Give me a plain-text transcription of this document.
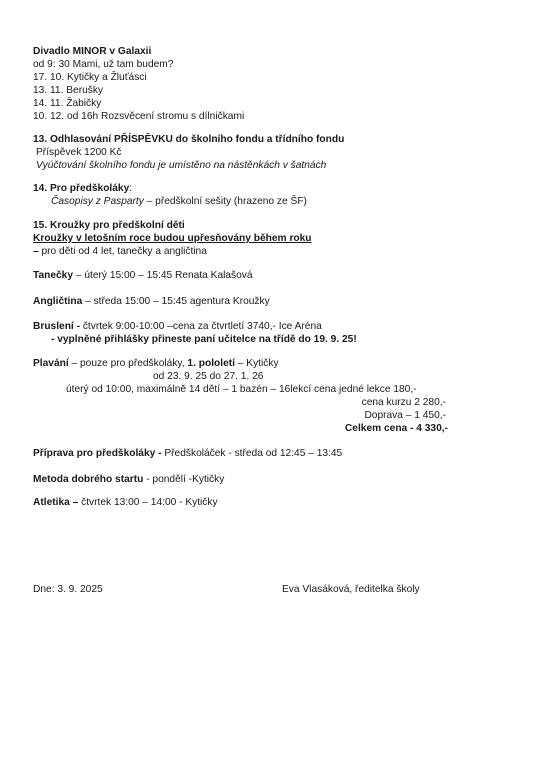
Divadlo MINOR v Galaxii
od 9: 30 Mami, už tam budem?
17. 10. Kytičky a Žluťásci
13. 11. Berušky
14. 11. Žabičky
10. 12. od 16h Rozsvěcení stromu s dílničkami
13. Odhlasování PŘÍSPĚVKU do školního fondu a třídního fondu
Příspěvek 1200 Kč
Vyúčtování školního fondu je umístěno na nástěnkách v šatnách
14. Pro předškoláky:
Časopisy z Pasparty – předškolní sešity (hrazeno ze ŠF)
15. Kroužky pro předškolní děti
Kroužky v letošním roce budou upřesňovány během roku
– pro děti od 4 let, tanečky a angličtina
Tanečky – úterý 15:00 – 15:45 Renata Kalašová
Angličtina – středa 15:00 – 15:45 agentura Kroužky
Bruslení - čtvrtek 9:00-10:00 –cena za čtvrtletí 3740,- Ice Aréna
- vyplněné přihlášky přineste paní učitelce na třídě do 19. 9. 25!
Plavání – pouze pro předškoláky, 1. pololetí – Kytičky
od 23. 9. 25 do 27. 1. 26
úterý od 10:00, maximálně 14 dětí – 1 bazén – 16lekcí cena jedné lekce 180,-
cena kurzu 2 280,-
Doprava – 1 450,-
Celkem cena - 4 330,-
Příprava pro předškoláky - Předškoláček - středa od 12:45 – 13:45
Metoda dobrého startu - pondělí -Kytičky
Atletika – čtvrtek 13:00 – 14:00 - Kytičky
Dne: 3. 9. 2025	Eva Vlasáková, ředitelka školy
